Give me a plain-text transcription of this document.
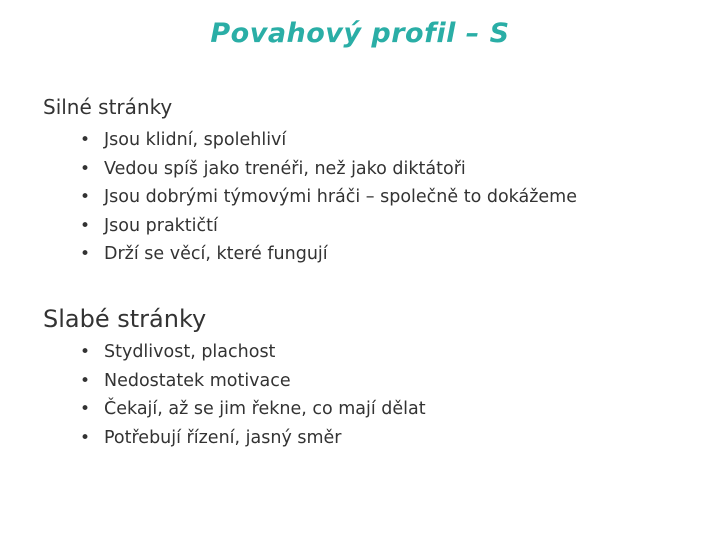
Povahový profil – S
Silné stránky
• Jsou klidní, spolehliví
• Vedou spíš jako trenéři, než jako diktátoři
• Jsou dobrými týmovými hráči – společně to dokážeme
• Jsou praktičtí
• Drží se věcí, které fungují
Slabé stránky
• Stydlivost, plachost
• Nedostatek motivace
• Čekají, až se jim řekne, co mají dělat
• Potřebují řízení, jasný směr
